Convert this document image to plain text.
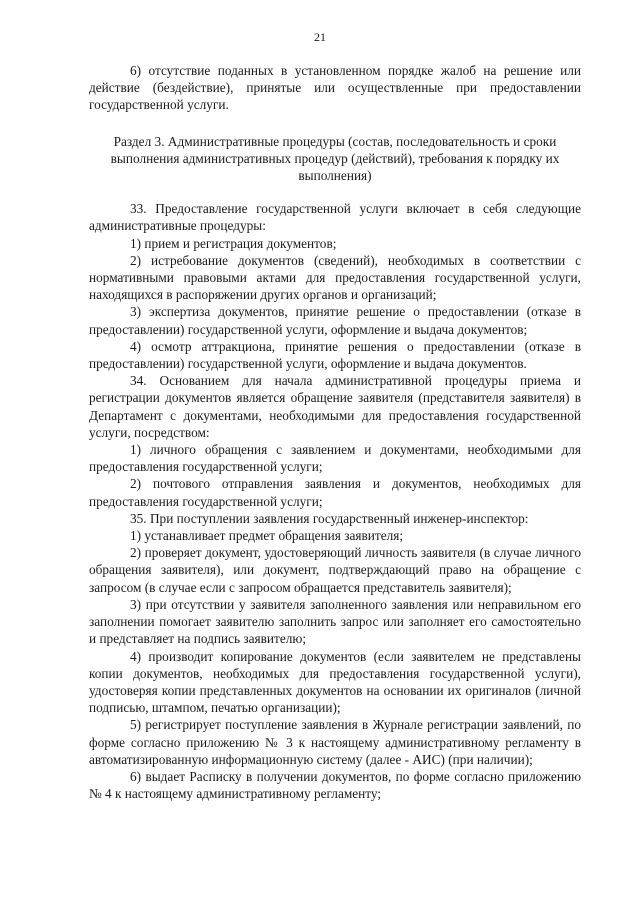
21

6) отсутствие поданных в установленном порядке жалоб на решение или действие (бездействие), принятые или осуществленные при предоставлении государственной услуги.

Раздел 3. Административные процедуры (состав, последовательность и сроки выполнения административных процедур (действий), требования к порядку их выполнения)

33. Предоставление государственной услуги включает в себя следующие административные процедуры:

1) прием и регистрация документов;

2) истребование документов (сведений), необходимых в соответствии с нормативными правовыми актами для предоставления государственной услуги, находящихся в распоряжении других органов и организаций;

3) экспертиза документов, принятие решение о предоставлении (отказе в предоставлении) государственной услуги, оформление и выдача документов;

4) осмотр аттракциона, принятие решения о предоставлении (отказе в предоставлении) государственной услуги, оформление и выдача документов.

34. Основанием для начала административной процедуры приема и регистрации документов является обращение заявителя (представителя заявителя) в Департамент с документами, необходимыми для предоставления государственной услуги, посредством:

1) личного обращения с заявлением и документами, необходимыми для предоставления государственной услуги;

2) почтового отправления заявления и документов, необходимых для предоставления государственной услуги;

35. При поступлении заявления государственный инженер-инспектор:

1) устанавливает предмет обращения заявителя;

2) проверяет документ, удостоверяющий личность заявителя (в случае личного обращения заявителя), или документ, подтверждающий право на обращение с запросом (в случае если с запросом обращается представитель заявителя);

3) при отсутствии у заявителя заполненного заявления или неправильном его заполнении помогает заявителю заполнить запрос или заполняет его самостоятельно и представляет на подпись заявителю;

4) производит копирование документов (если заявителем не представлены копии документов, необходимых для предоставления государственной услуги), удостоверяя копии представленных документов на основании их оригиналов (личной подписью, штампом, печатью организации);

5) регистрирует поступление заявления в Журнале регистрации заявлений, по форме согласно приложению № 3 к настоящему административному регламенту в автоматизированную информационную систему (далее - АИС) (при наличии);

6) выдает Расписку в получении документов, по форме согласно приложению № 4 к настоящему административному регламенту;
